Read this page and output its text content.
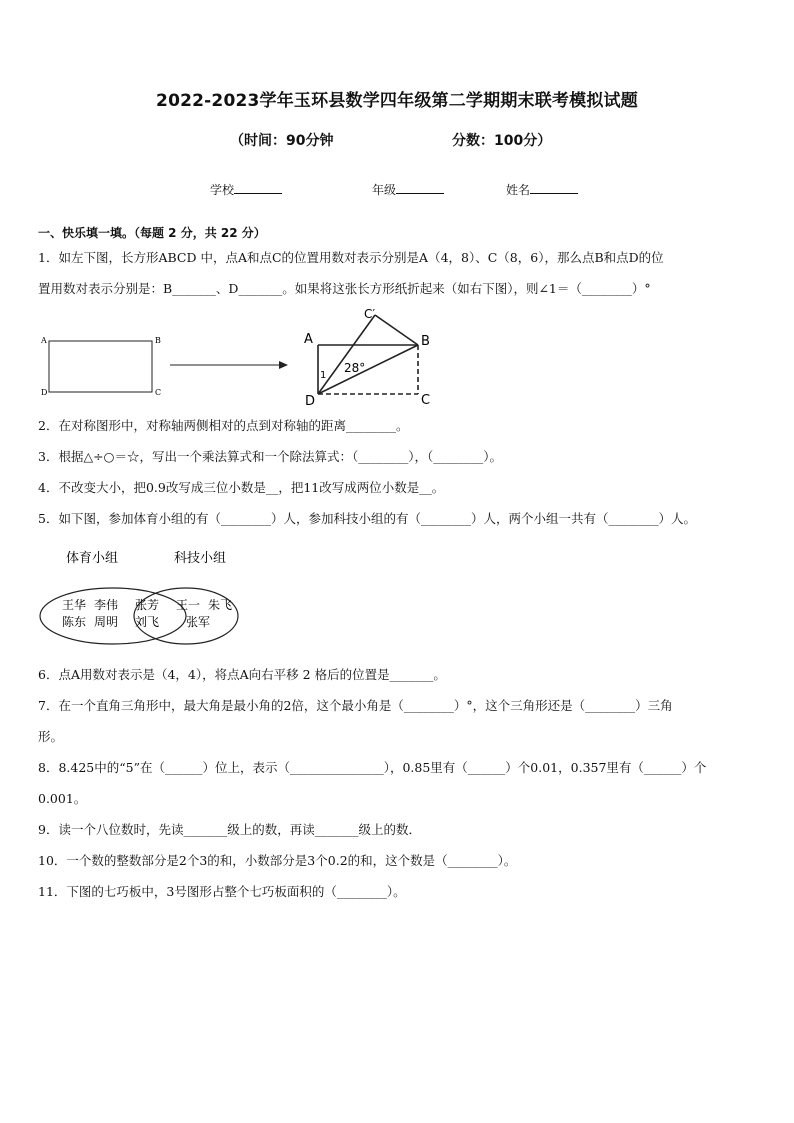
2022-2023学年玉环县数学四年级第二学期期末联考模拟试题
（时间：90分钟	分数：100分）
学校	年级	姓名
一、快乐填一填。（每题 2 分，共 22 分）
1．如左下图，长方形ABCD 中，点A和点C的位置用数对表示分别是A（4，8）、C（8，6），那么点B和点D的位
置用数对表示分别是：B_______、D_______。如果将这张长方形纸折起来（如右下图），则∠1＝（________）°
A	B
C
D
A	B
C
D
C′
1
28°
2．在对称图形中，对称轴两侧相对的点到对称轴的距离________。
3．根据△÷○＝☆，写出一个乘法算式和一个除法算式：（________），（________）。
4．不改变大小，把0.9改写成三位小数是__，把11改写成两位小数是__。
5．如下图，参加体育小组的有（________）人，参加科技小组的有（________）人，两个小组一共有（________）人。
体育小组	科技小组
王华 李伟
陈东 周明
张芳
刘飞
王一 朱飞
张军
6．点A用数对表示是（4，4），将点A向右平移 2 格后的位置是_______。
7．在一个直角三角形中，最大角是最小角的2倍，这个最小角是（________）°，这个三角形还是（________）三角
形。
8．8.425中的“5”在（______）位上，表示（_______________），0.85里有（______）个0.01，0.357里有（______）个
0.001。
9．读一个八位数时，先读_______级上的数，再读_______级上的数．
10．一个数的整数部分是2个3的和，小数部分是3个0.2的和，这个数是（________）。
11．下图的七巧板中，3号图形占整个七巧板面积的（________）。
